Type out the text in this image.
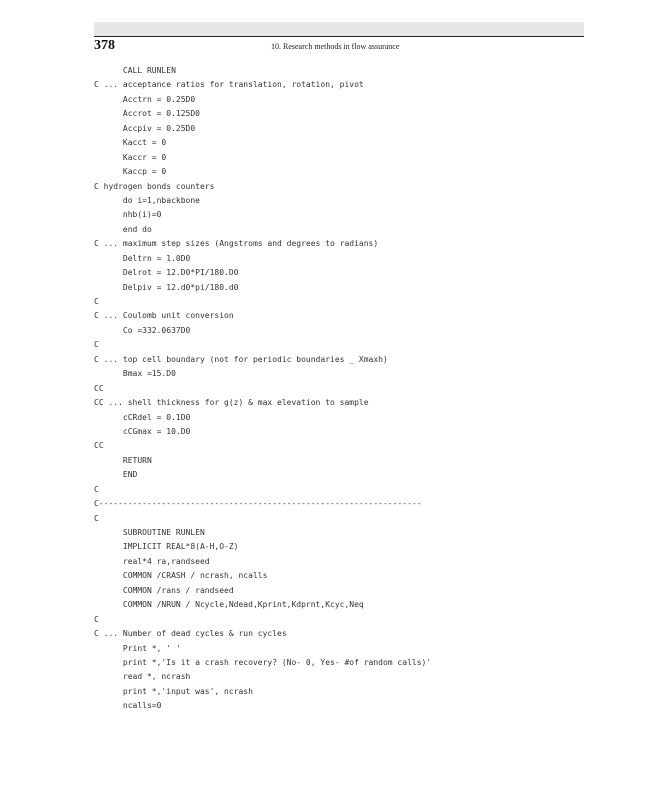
378	10. Research methods in flow assurance
CALL RUNLEN
C ... acceptance ratios for translation, rotation, pivot
Acctrn = 0.25D0
Accrot = 0.125D0
Accpiv = 0.25D0
Kacct = 0
Kaccr = 0
Kaccp = 0
C hydrogen bonds counters
do i=1,nbackbone
nhb(i)=0
end do
C ... maximum step sizes (Angstroms and degrees to radians)
Deltrn = 1.0D0
Delrot = 12.D0*PI/180.D0
Delpiv = 12.d0*pi/180.d0
C
C ... Coulomb unit conversion
Co =332.0637D0
C
C ... top cell boundary (not for periodic boundaries _ Xmaxh)
Bmax =15.D0
CC
CC ... shell thickness for g(z) & max elevation to sample
cCRdel = 0.1D0
cCGmax = 10.D0
CC
RETURN
END
C
C-------------------------------------------------------------------
C
SUBROUTINE RUNLEN
IMPLICIT REAL*8(A-H,O-Z)
real*4 ra,randseed
COMMON /CRASH / ncrash, ncalls
COMMON /rans / randseed
COMMON /NRUN / Ncycle,Ndead,Kprint,Kdprnt,Kcyc,Neq
C
C ... Number of dead cycles & run cycles
Print *, ' '
print *,'Is it a crash recovery? (No- 0, Yes- #of random calls)'
read *, ncrash
print *,'input was', ncrash
ncalls=0
